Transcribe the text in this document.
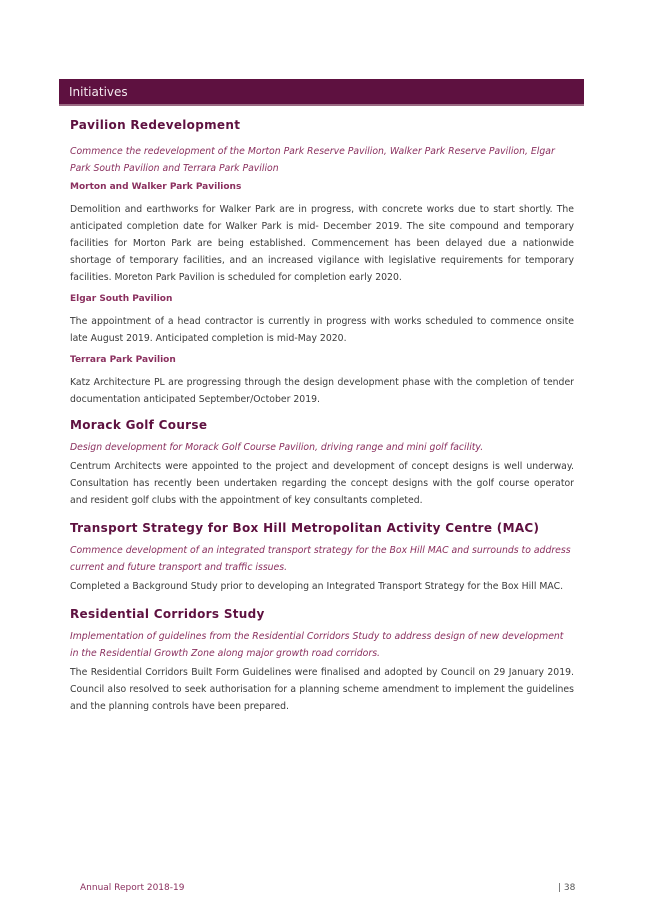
Initiatives
Pavilion Redevelopment

Commence the redevelopment of the Morton Park Reserve Pavilion, Walker Park Reserve Pavilion, Elgar Park South Pavilion and Terrara Park Pavilion

Morton and Walker Park Pavilions

Demolition and earthworks for Walker Park are in progress, with concrete works due to start shortly. The anticipated completion date for Walker Park is mid- December 2019. The site compound and temporary facilities for Morton Park are being established. Commencement has been delayed due a nationwide shortage of temporary facilities, and an increased vigilance with legislative requirements for temporary facilities. Moreton Park Pavilion is scheduled for completion early 2020.

Elgar South Pavilion

The appointment of a head contractor is currently in progress with works scheduled to commence onsite late August 2019. Anticipated completion is mid-May 2020.

Terrara Park Pavilion

Katz Architecture PL are progressing through the design development phase with the completion of tender documentation anticipated September/October 2019.

Morack Golf Course

Design development for Morack Golf Course Pavilion, driving range and mini golf facility.

Centrum Architects were appointed to the project and development of concept designs is well underway. Consultation has recently been undertaken regarding the concept designs with the golf course operator and resident golf clubs with the appointment of key consultants completed.

Transport Strategy for Box Hill Metropolitan Activity Centre (MAC)

Commence development of an integrated transport strategy for the Box Hill MAC and surrounds to address current and future transport and traffic issues.

Completed a Background Study prior to developing an Integrated Transport Strategy for the Box Hill MAC.

Residential Corridors Study

Implementation of guidelines from the Residential Corridors Study to address design of new development in the Residential Growth Zone along major growth road corridors.

The Residential Corridors Built Form Guidelines were finalised and adopted by Council on 29 January 2019. Council also resolved to seek authorisation for a planning scheme amendment to implement the guidelines and the planning controls have been prepared.

Annual Report 2018-19	| 38
